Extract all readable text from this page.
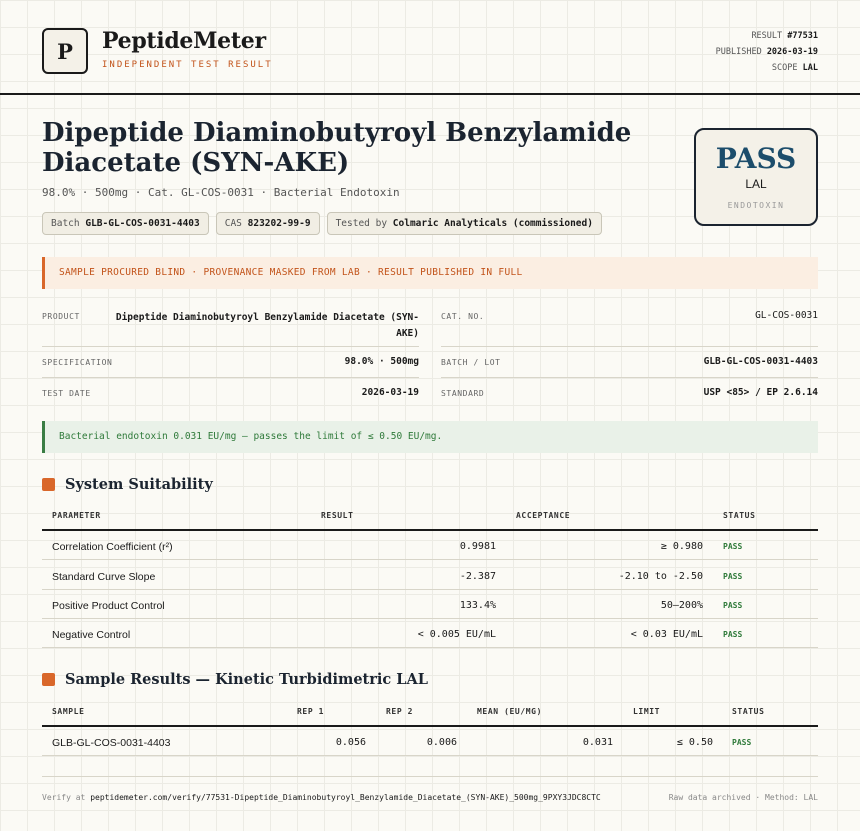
P	PeptideMeter
INDEPENDENT TEST RESULT
RESULT #77531
PUBLISHED 2026-03-19
SCOPE LAL
Dipeptide Diaminobutyroyl Benzylamide Diacetate (SYN-AKE)
98.0% · 500mg · Cat. GL-COS-0031 · Bacterial Endotoxin
Batch GLB-GL-COS-0031-4403	CAS 823202-99-9	Tested by Colmaric Analyticals (commissioned)
PASS
LAL
ENDOTOXIN
SAMPLE PROCURED BLIND · PROVENANCE MASKED FROM LAB · RESULT PUBLISHED IN FULL
PRODUCT	Dipeptide Diaminobutyroyl Benzylamide Diacetate (SYN-AKE)
SPECIFICATION	98.0% · 500mg
TEST DATE	2026-03-19
CAT. NO.	GL-COS-0031
BATCH / LOT	GLB-GL-COS-0031-4403
STANDARD	USP <85> / EP 2.6.14
Bacterial endotoxin 0.031 EU/mg — passes the limit of ≤ 0.50 EU/mg.
System Suitability
PARAMETER	RESULT	ACCEPTANCE	STATUS
Correlation Coefficient (r²)	0.9981	≥ 0.980	PASS
Standard Curve Slope	-2.387	-2.10 to -2.50	PASS
Positive Product Control	133.4%	50–200%	PASS
Negative Control	< 0.005 EU/mL	< 0.03 EU/mL	PASS
Sample Results — Kinetic Turbidimetric LAL
SAMPLE	REP 1	REP 2	MEAN (EU/MG)	LIMIT	STATUS
GLB-GL-COS-0031-4403	0.056	0.006	0.031	≤ 0.50 PASS
Verify at peptidemeter.com/verify/77531-Dipeptide_Diaminobutyroyl_Benzylamide_Diacetate_(SYN-AKE)_500mg_9PXY3JDC8CTC	Raw data archived · Method: LAL
